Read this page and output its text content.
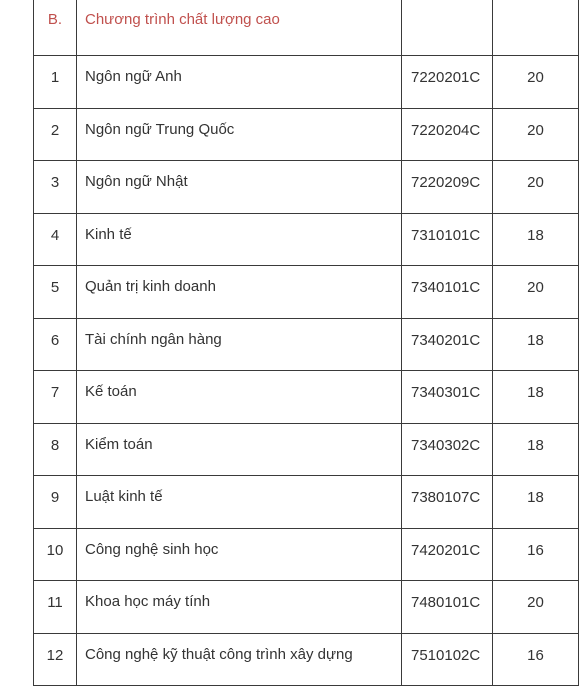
B.	Chương trình chất lượng cao		
1	Ngôn ngữ Anh	7220201C	20
2	Ngôn ngữ Trung Quốc	7220204C	20
3	Ngôn ngữ Nhật	7220209C	20
4	Kinh tế	7310101C	18
5	Quản trị kinh doanh	7340101C	20
6	Tài chính ngân hàng	7340201C	18
7	Kế toán	7340301C	18
8	Kiểm toán	7340302C	18
9	Luật kinh tế	7380107C	18
10	Công nghệ sinh học	7420201C	16
11	Khoa học máy tính	7480101C	20
12	Công nghệ kỹ thuật công trình xây dựng	7510102C	16
